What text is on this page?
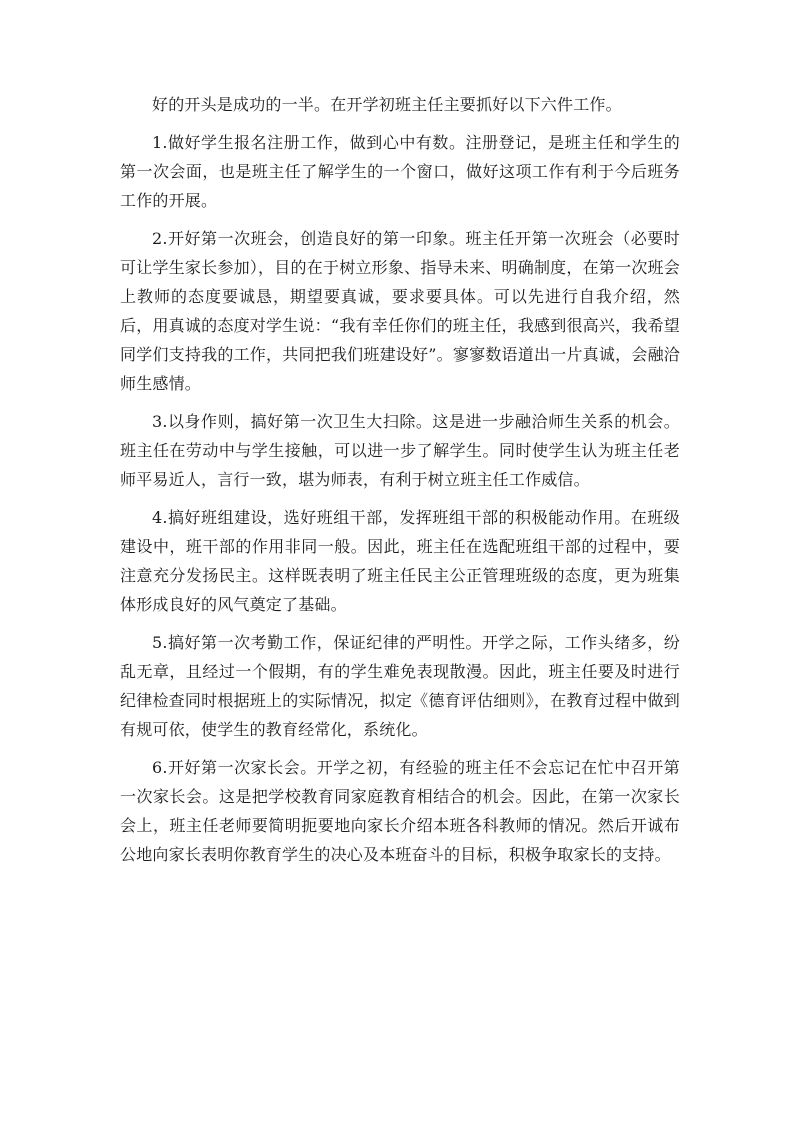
好的开头是成功的一半。在开学初班主任主要抓好以下六件工作。

1.做好学生报名注册工作，做到心中有数。注册登记，是班主任和学生的第一次会面，也是班主任了解学生的一个窗口，做好这项工作有利于今后班务工作的开展。

2.开好第一次班会，创造良好的第一印象。班主任开第一次班会（必要时可让学生家长参加），目的在于树立形象、指导未来、明确制度，在第一次班会上教师的态度要诚恳，期望要真诚，要求要具体。可以先进行自我介绍，然后，用真诚的态度对学生说：“我有幸任你们的班主任，我感到很高兴，我希望同学们支持我的工作，共同把我们班建设好”。寥寥数语道出一片真诚，会融洽师生感情。

3.以身作则，搞好第一次卫生大扫除。这是进一步融洽师生关系的机会。班主任在劳动中与学生接触，可以进一步了解学生。同时使学生认为班主任老师平易近人，言行一致，堪为师表，有利于树立班主任工作威信。

4.搞好班组建设，选好班组干部，发挥班组干部的积极能动作用。在班级建设中，班干部的作用非同一般。因此，班主任在选配班组干部的过程中，要注意充分发扬民主。这样既表明了班主任民主公正管理班级的态度，更为班集体形成良好的风气奠定了基础。

5.搞好第一次考勤工作，保证纪律的严明性。开学之际，工作头绪多，纷乱无章，且经过一个假期，有的学生难免表现散漫。因此，班主任要及时进行纪律检查同时根据班上的实际情况，拟定《德育评估细则》，在教育过程中做到有规可依，使学生的教育经常化，系统化。

6.开好第一次家长会。开学之初，有经验的班主任不会忘记在忙中召开第一次家长会。这是把学校教育同家庭教育相结合的机会。因此，在第一次家长会上，班主任老师要简明扼要地向家长介绍本班各科教师的情况。然后开诚布公地向家长表明你教育学生的决心及本班奋斗的目标，积极争取家长的支持。
